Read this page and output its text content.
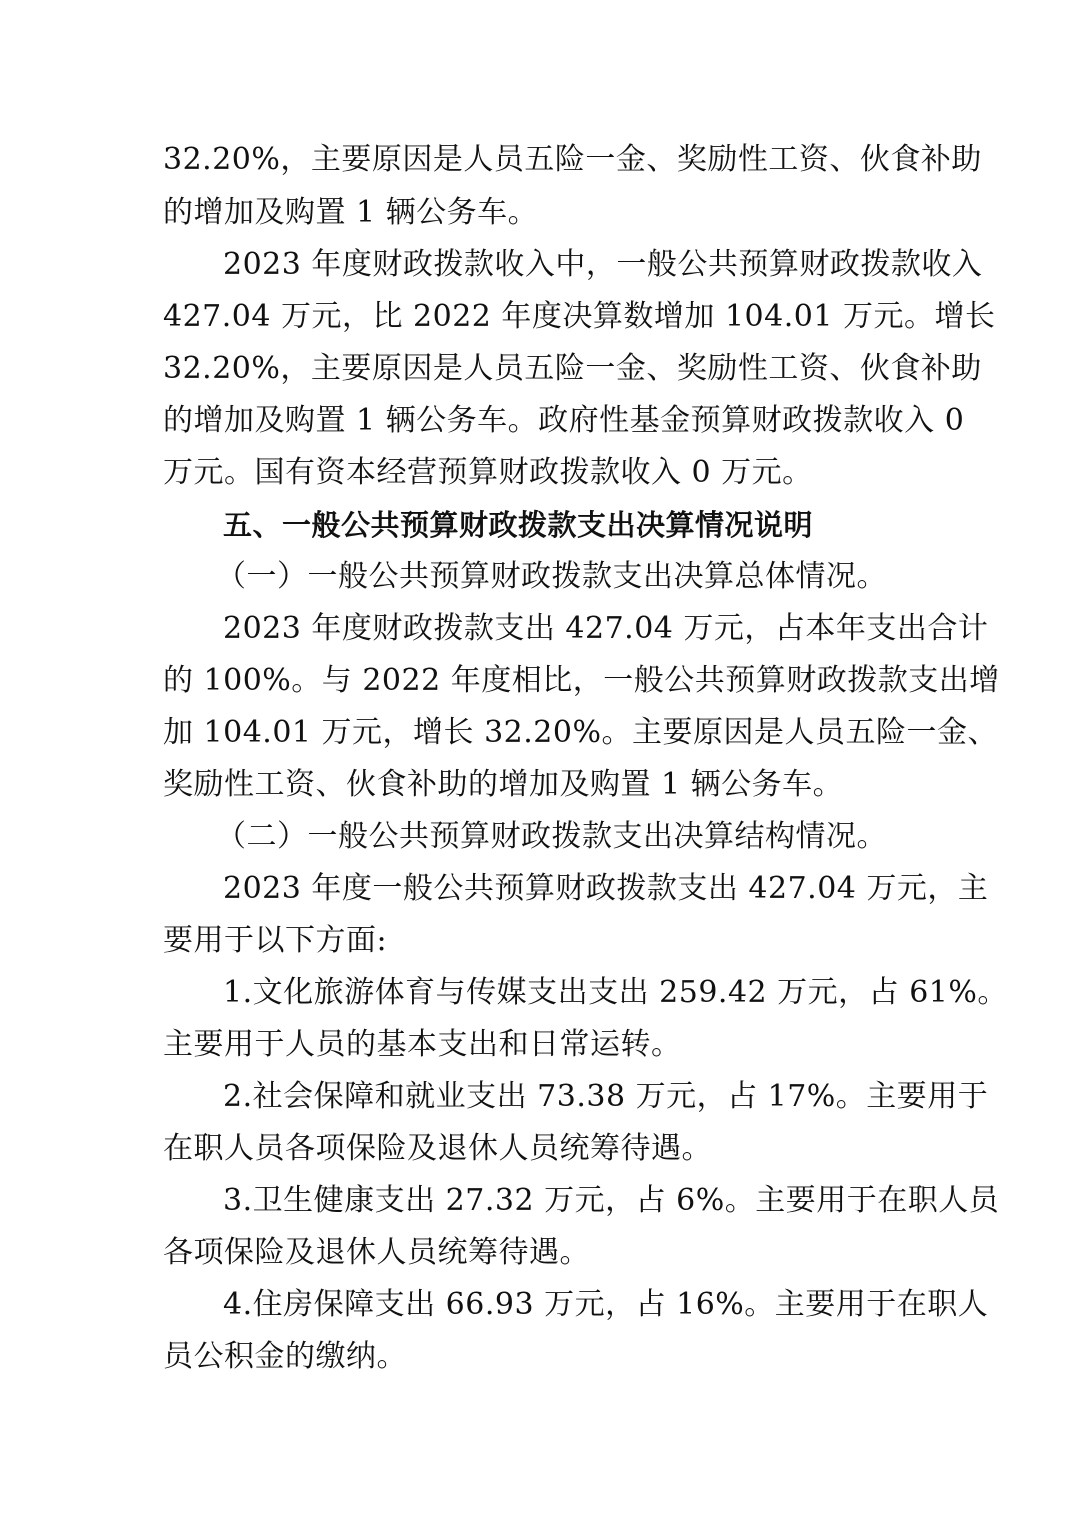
32.20%，主要原因是人员五险一金、奖励性工资、伙食补助
的增加及购置 1 辆公务车。
2023 年度财政拨款收入中，一般公共预算财政拨款收入
427.04 万元，比 2022 年度决算数增加 104.01 万元。增长
32.20%，主要原因是人员五险一金、奖励性工资、伙食补助
的增加及购置 1 辆公务车。政府性基金预算财政拨款收入 0
万元。国有资本经营预算财政拨款收入 0 万元。
五、一般公共预算财政拨款支出决算情况说明
（一）一般公共预算财政拨款支出决算总体情况。
2023 年度财政拨款支出 427.04 万元，占本年支出合计
的 100%。与 2022 年度相比，一般公共预算财政拨款支出增
加 104.01 万元，增长 32.20%。主要原因是人员五险一金、
奖励性工资、伙食补助的增加及购置 1 辆公务车。
（二）一般公共预算财政拨款支出决算结构情况。
2023 年度一般公共预算财政拨款支出 427.04 万元，主
要用于以下方面:
1.文化旅游体育与传媒支出支出 259.42 万元，占 61%。
主要用于人员的基本支出和日常运转。
2.社会保障和就业支出 73.38 万元，占 17%。主要用于
在职人员各项保险及退休人员统筹待遇。
3.卫生健康支出 27.32 万元，占 6%。主要用于在职人员
各项保险及退休人员统筹待遇。
4.住房保障支出 66.93 万元，占 16%。主要用于在职人
员公积金的缴纳。
